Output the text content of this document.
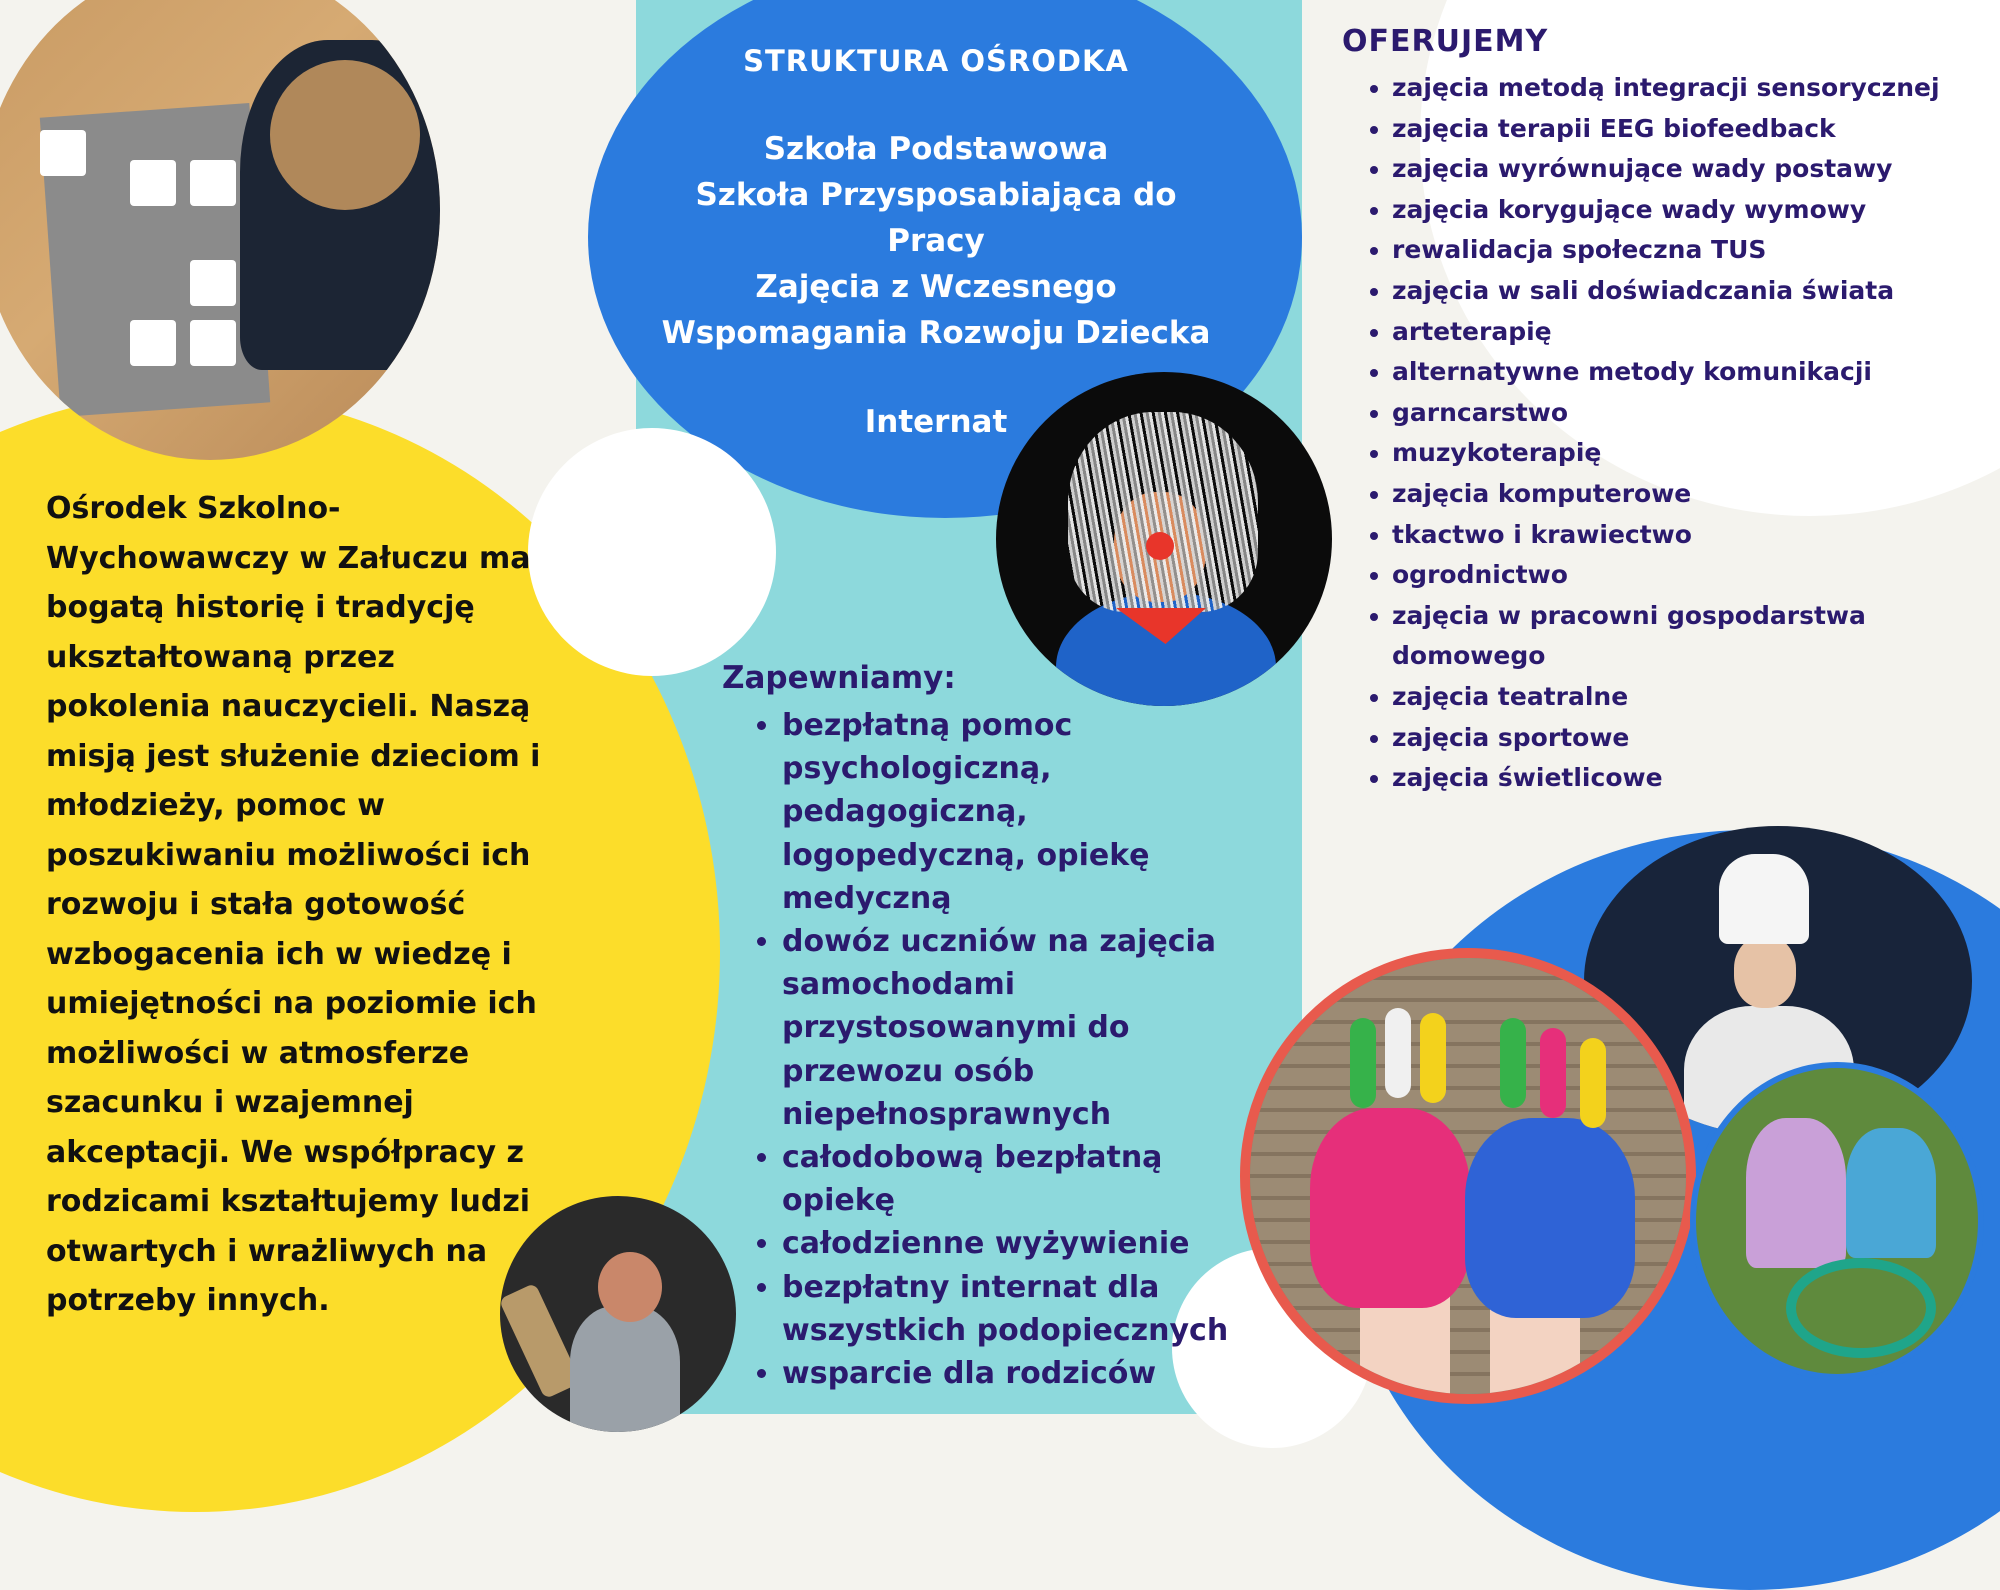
STRUKTURA OŚRODKA
Szkoła Podstawowa
Szkoła Przysposabiająca do
Pracy
Zajęcia z Wczesnego
Wspomagania Rozwoju Dziecka
Internat
Ośrodek Szkolno-Wychowawczy w Załuczu ma bogatą historię i tradycję ukształtowaną przez pokolenia nauczycieli. Naszą misją jest służenie dzieciom i młodzieży, pomoc w poszukiwaniu możliwości ich rozwoju i stała gotowość wzbogacenia ich w wiedzę i umiejętności na poziomie ich możliwości w atmosferze szacunku i wzajemnej akceptacji. We współpracy z rodzicami kształtujemy ludzi otwartych i wrażliwych na potrzeby innych.
Zapewniamy:
• bezpłatną pomoc psychologiczną, pedagogiczną, logopedyczną, opiekę medyczną
• dowóz uczniów na zajęcia samochodami przystosowanymi do przewozu osób niepełnosprawnych
• całodobową bezpłatną opiekę
• całodzienne wyżywienie
• bezpłatny internat dla wszystkich podopiecznych
• wsparcie dla rodziców
OFERUJEMY
• zajęcia metodą integracji sensorycznej
• zajęcia terapii EEG biofeedback
• zajęcia wyrównujące wady postawy
• zajęcia korygujące wady wymowy
• rewalidacja społeczna TUS
• zajęcia w sali doświadczania świata
• arteterapię
• alternatywne metody komunikacji
• garncarstwo
• muzykoterapię
• zajęcia komputerowe
• tkactwo i krawiectwo
• ogrodnictwo
• zajęcia w pracowni gospodarstwa domowego
• zajęcia teatralne
• zajęcia sportowe
• zajęcia świetlicowe
